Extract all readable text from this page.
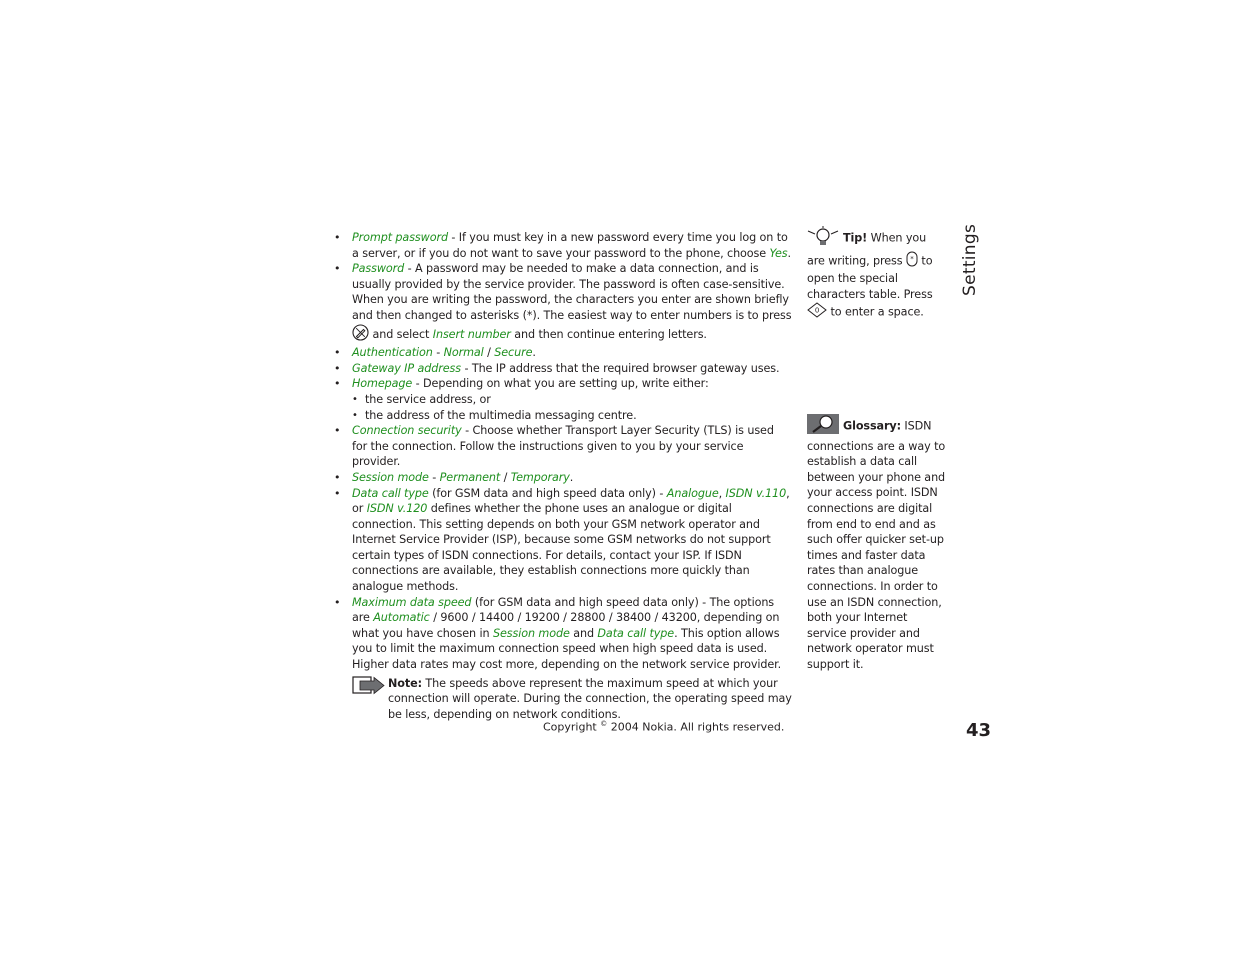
Settings
• Prompt password - If you must key in a new password every time you log on to a server, or if you do not want to save your password to the phone, choose Yes.
• Password - A password may be needed to make a data connection, and is usually provided by the service provider. The password is often case-sensitive. When you are writing the password, the characters you enter are shown briefly and then changed to asterisks (*). The easiest way to enter numbers is to press  and select Insert number and then continue entering letters.
• Authentication - Normal / Secure.
• Gateway IP address - The IP address that the required browser gateway uses.
• Homepage - Depending on what you are setting up, write either:
• the service address, or
• the address of the multimedia messaging centre.
• Connection security - Choose whether Transport Layer Security (TLS) is used for the connection. Follow the instructions given to you by your service provider.
• Session mode - Permanent / Temporary.
• Data call type (for GSM data and high speed data only) - Analogue, ISDN v.110, or ISDN v.120 defines whether the phone uses an analogue or digital connection. This setting depends on both your GSM network operator and Internet Service Provider (ISP), because some GSM networks do not support certain types of ISDN connections. For details, contact your ISP. If ISDN connections are available, they establish connections more quickly than analogue methods.
• Maximum data speed (for GSM data and high speed data only) - The options are Automatic / 9600 / 14400 / 19200 / 28800 / 38400 / 43200, depending on what you have chosen in Session mode and Data call type. This option allows you to limit the maximum connection speed when high speed data is used. Higher data rates may cost more, depending on the network service provider.
Note: The speeds above represent the maximum speed at which your connection will operate. During the connection, the operating speed may be less, depending on network conditions.
Tip! When you are writing, press * to open the special characters table. Press
0 to enter a space.
Glossary: ISDN connections are a way to establish a data call between your phone and your access point. ISDN connections are digital from end to end and as such offer quicker set-up times and faster data rates than analogue connections. In order to use an ISDN connection, both your Internet service provider and network operator must support it.
Copyright © 2004 Nokia. All rights reserved.	43
